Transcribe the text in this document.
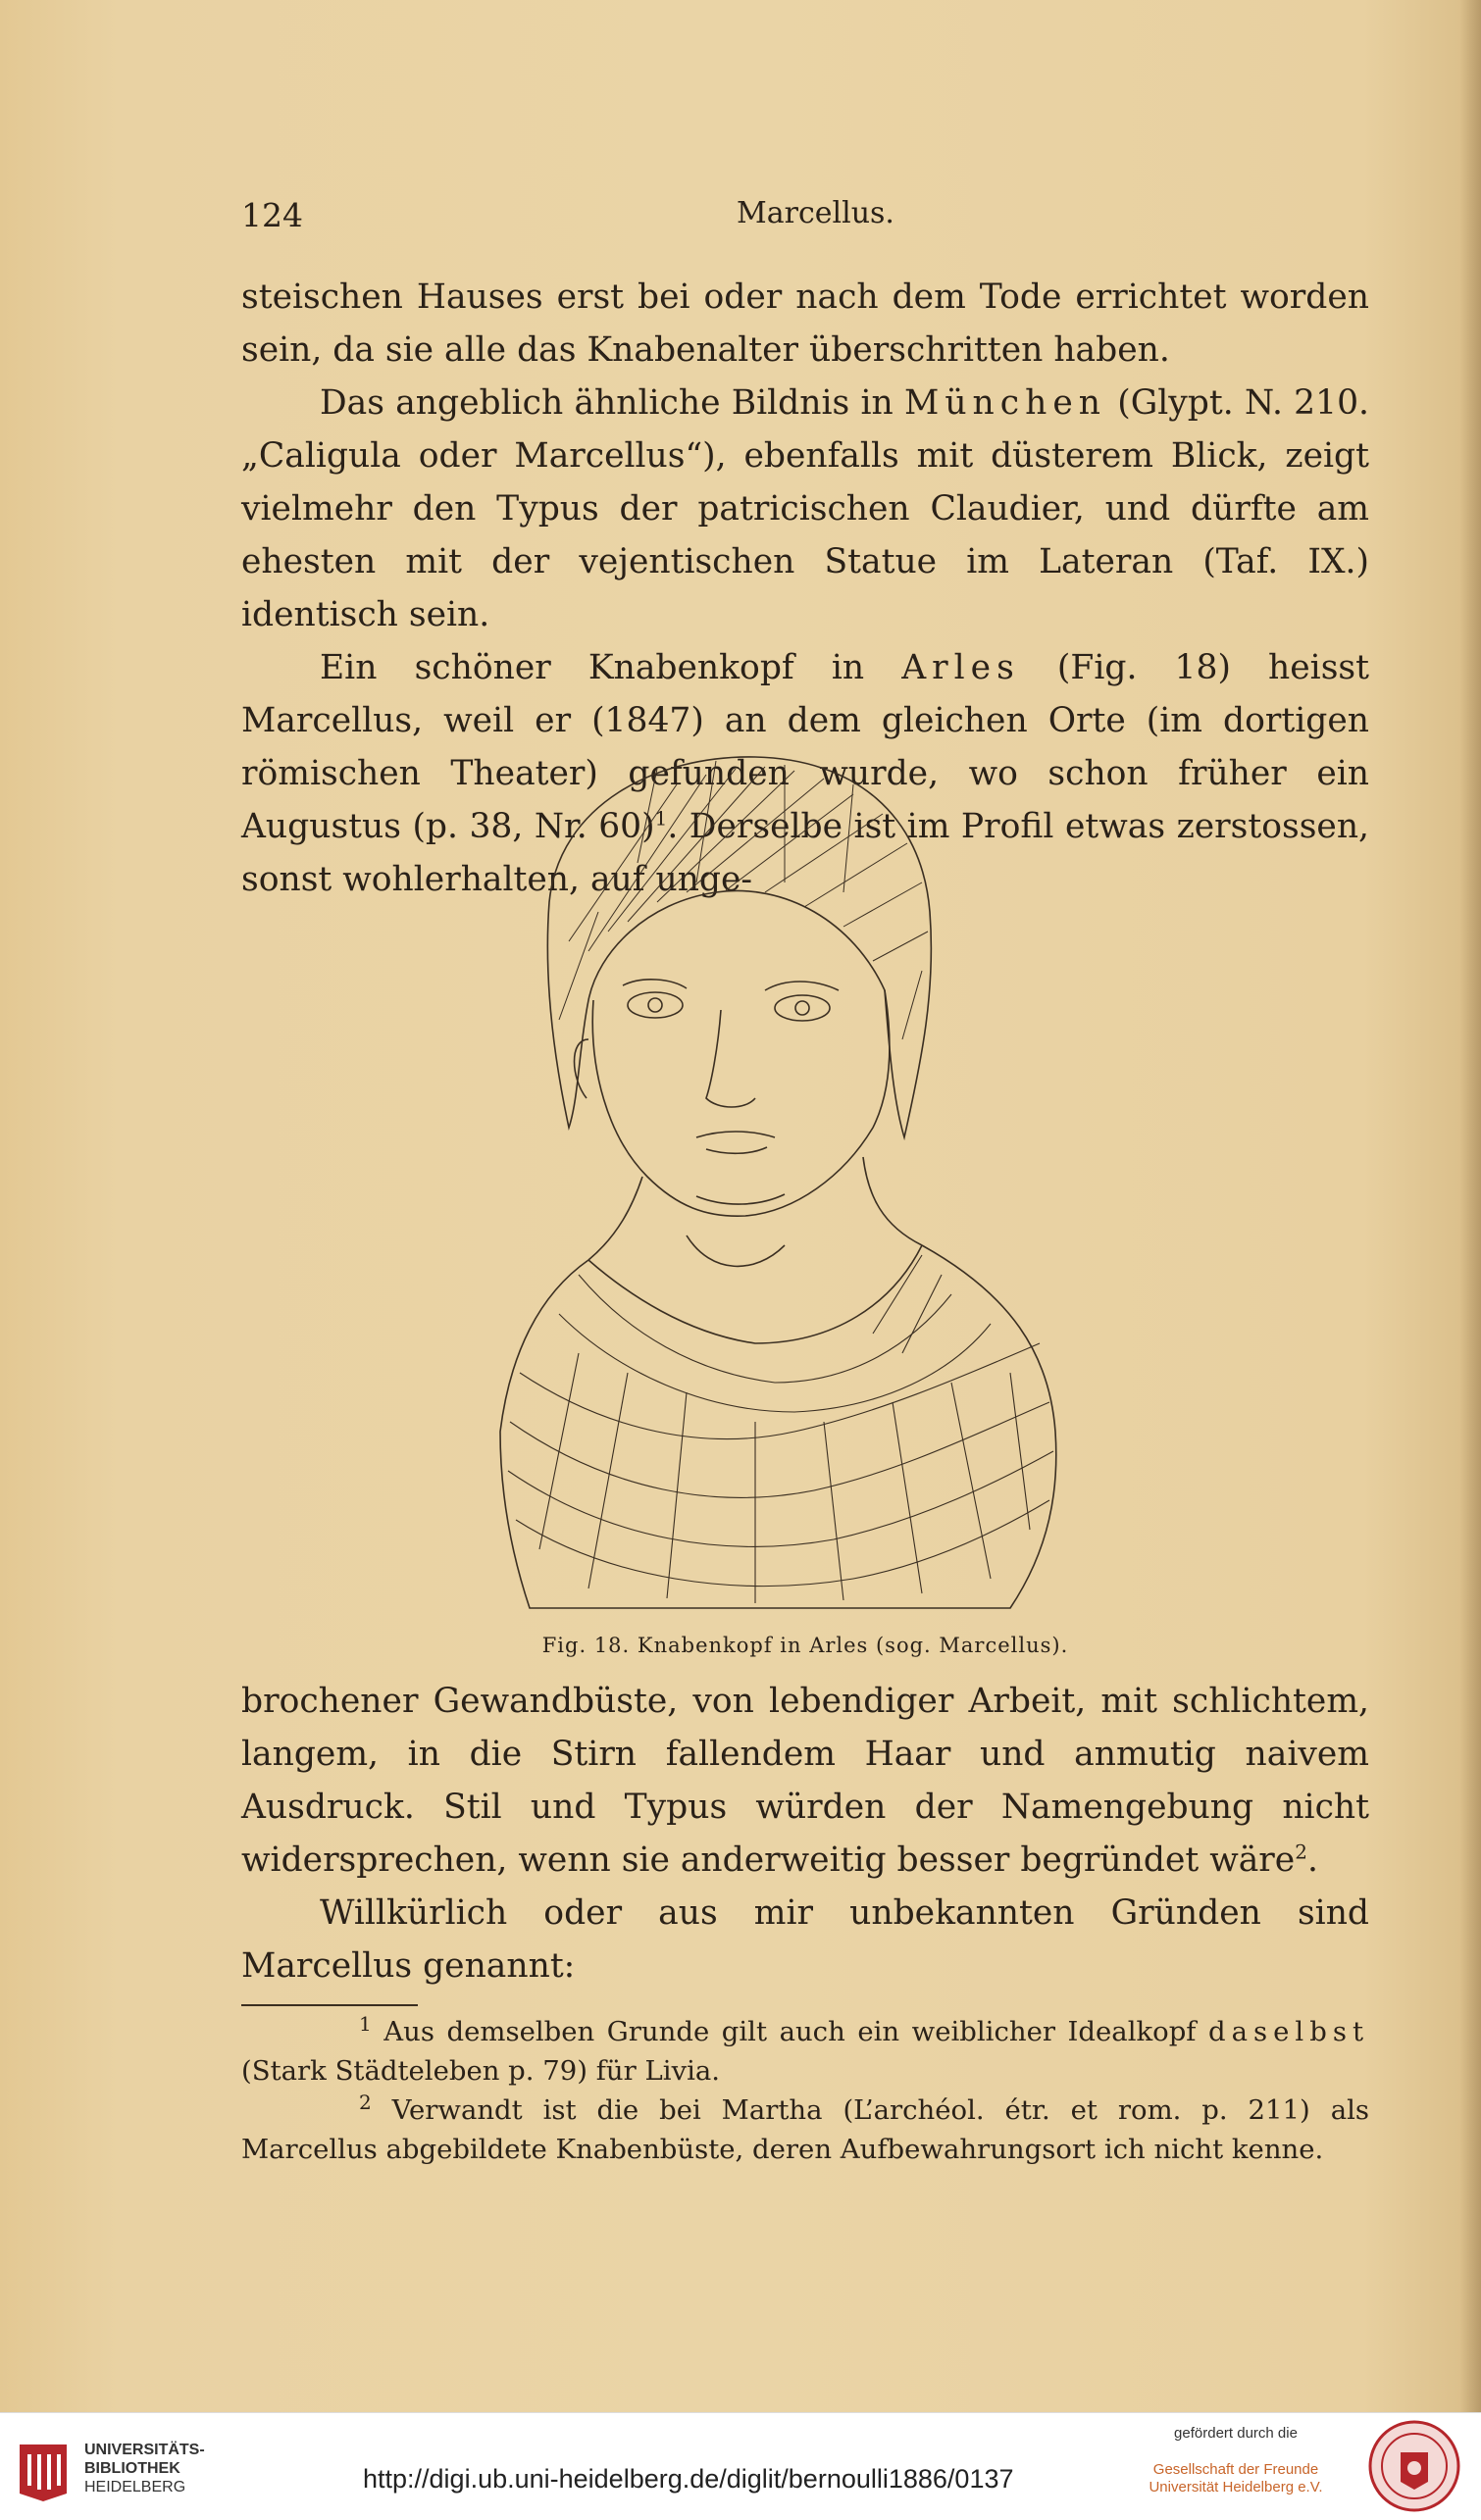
124	Marcellus.

steischen Hauses erst bei oder nach dem Tode errichtet worden sein, da sie alle das Knabenalter überschritten haben.

Das angeblich ähnliche Bildnis in München (Glypt. N. 210. „Caligula oder Marcellus“), ebenfalls mit düsterem Blick, zeigt vielmehr den Typus der patricischen Claudier, und dürfte am ehesten mit der vejentischen Statue im Lateran (Taf. IX.) identisch sein.

Ein schöner Knabenkopf in Arles (Fig. 18) heisst Marcellus, weil er (1847) an dem gleichen Orte (im dortigen römischen Theater) gefunden wurde, wo schon früher ein Augustus (p. 38, Nr. 60)$^1$. Derselbe ist im Profil etwas zerstossen, sonst wohlerhalten, auf unge-

Fig. 18. Knabenkopf in Arles (sog. Marcellus).

brochener Gewandbüste, von lebendiger Arbeit, mit schlichtem, langem, in die Stirn fallendem Haar und anmutig naivem Ausdruck. Stil und Typus würden der Namengebung nicht widersprechen, wenn sie anderweitig besser begründet wäre$^2$.

Willkürlich oder aus mir unbekannten Gründen sind Marcellus genannt:

$^1$ Aus demselben Grunde gilt auch ein weiblicher Idealkopf daselbst (Stark Städteleben p. 79) für Livia.

$^2$ Verwandt ist die bei Martha (L’archéol. étr. et rom. p. 211) als Marcellus abgebildete Knabenbüste, deren Aufbewahrungsort ich nicht kenne.

UNIVERSITÄTS-
BIBLIOTHEK
HEIDELBERG	http://digi.ub.uni-heidelberg.de/diglit/bernoulli1886/0137
gefördert durch die
Gesellschaft der Freunde
Universität Heidelberg e.V.
